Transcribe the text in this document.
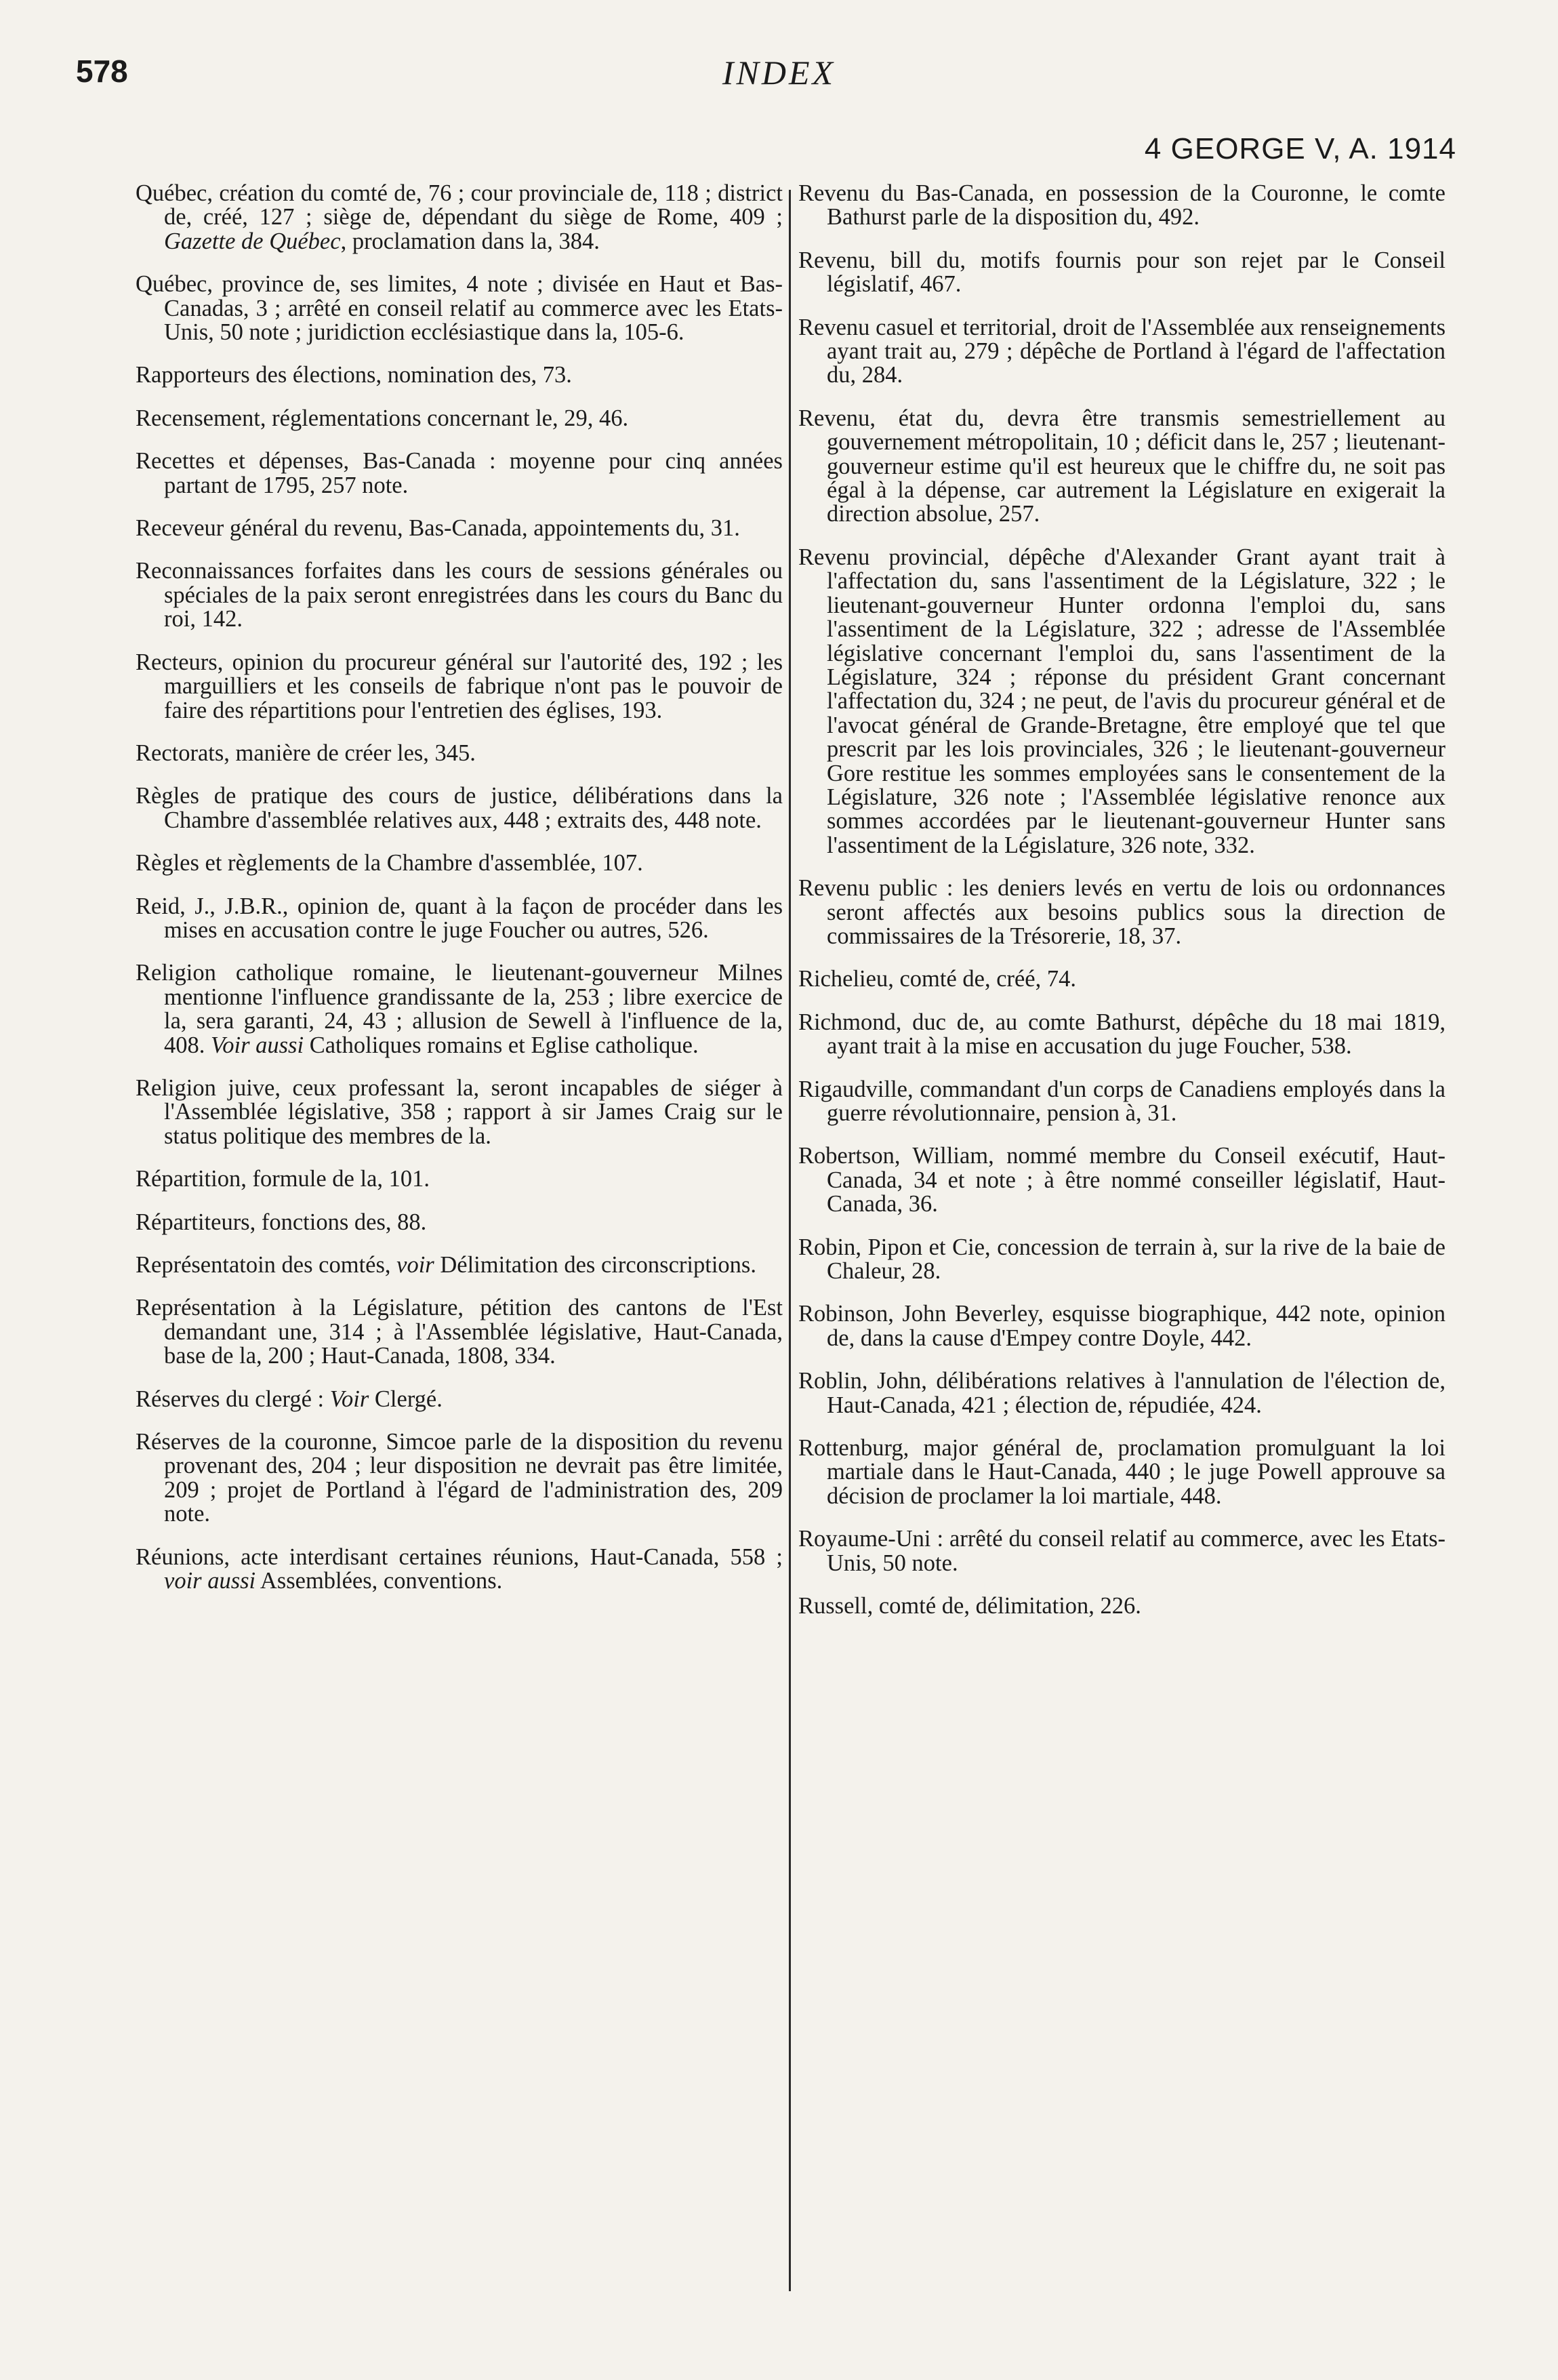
578	INDEX
4 GEORGE V, A. 1914

Québec, création du comté de, 76 ; cour provinciale de, 118 ; district de, créé, 127 ; siège de, dépendant du siège de Rome, 409 ; Gazette de Québec, proclamation dans la, 384.

Québec, province de, ses limites, 4 note ; divisée en Haut et Bas-Canadas, 3 ; arrêté en conseil relatif au commerce avec les Etats-Unis, 50 note ; juridiction ecclésiastique dans la, 105-6.

Rapporteurs des élections, nomination des, 73.

Recensement, réglementations concernant le, 29, 46.

Recettes et dépenses, Bas-Canada : moyenne pour cinq années partant de 1795, 257 note.

Receveur général du revenu, Bas-Canada, appointements du, 31.

Reconnaissances forfaites dans les cours de sessions générales ou spéciales de la paix seront enregistrées dans les cours du Banc du roi, 142.

Recteurs, opinion du procureur général sur l'autorité des, 192 ; les marguilliers et les conseils de fabrique n'ont pas le pouvoir de faire des répartitions pour l'entretien des églises, 193.

Rectorats, manière de créer les, 345.

Règles de pratique des cours de justice, délibérations dans la Chambre d'assemblée relatives aux, 448 ; extraits des, 448 note.

Règles et règlements de la Chambre d'assemblée, 107.

Reid, J., J.B.R., opinion de, quant à la façon de procéder dans les mises en accusation contre le juge Foucher ou autres, 526.

Religion catholique romaine, le lieutenant-gouverneur Milnes mentionne l'influence grandissante de la, 253 ; libre exercice de la, sera garanti, 24, 43 ; allusion de Sewell à l'influence de la, 408. Voir aussi Catholiques romains et Eglise catholique.

Religion juive, ceux professant la, seront incapables de siéger à l'Assemblée législative, 358 ; rapport à sir James Craig sur le status politique des membres de la.

Répartition, formule de la, 101.

Répartiteurs, fonctions des, 88.

Représentatoin des comtés, voir Délimitation des circonscriptions.

Représentation à la Législature, pétition des cantons de l'Est demandant une, 314 ; à l'Assemblée législative, Haut-Canada, base de la, 200 ; Haut-Canada, 1808, 334.

Réserves du clergé : Voir Clergé.

Réserves de la couronne, Simcoe parle de la disposition du revenu provenant des, 204 ; leur disposition ne devrait pas être limitée, 209 ; projet de Portland à l'égard de l'administration des, 209 note.

Réunions, acte interdisant certaines réunions, Haut-Canada, 558 ; voir aussi Assemblées, conventions.

Revenu du Bas-Canada, en possession de la Couronne, le comte Bathurst parle de la disposition du, 492.

Revenu, bill du, motifs fournis pour son rejet par le Conseil législatif, 467.

Revenu casuel et territorial, droit de l'Assemblée aux renseignements ayant trait au, 279 ; dépêche de Portland à l'égard de l'affectation du, 284.

Revenu, état du, devra être transmis semestriellement au gouvernement métropolitain, 10 ; déficit dans le, 257 ; lieutenant-gouverneur estime qu'il est heureux que le chiffre du, ne soit pas égal à la dépense, car autrement la Législature en exigerait la direction absolue, 257.

Revenu provincial, dépêche d'Alexander Grant ayant trait à l'affectation du, sans l'assentiment de la Législature, 322 ; le lieutenant-gouverneur Hunter ordonna l'emploi du, sans l'assentiment de la Législature, 322 ; adresse de l'Assemblée législative concernant l'emploi du, sans l'assentiment de la Législature, 324 ; réponse du président Grant concernant l'affectation du, 324 ; ne peut, de l'avis du procureur général et de l'avocat général de Grande-Bretagne, être employé que tel que prescrit par les lois provinciales, 326 ; le lieutenant-gouverneur Gore restitue les sommes employées sans le consentement de la Législature, 326 note ; l'Assemblée législative renonce aux sommes accordées par le lieutenant-gouverneur Hunter sans l'assentiment de la Législature, 326 note, 332.

Revenu public : les deniers levés en vertu de lois ou ordonnances seront affectés aux besoins publics sous la direction de commissaires de la Trésorerie, 18, 37.

Richelieu, comté de, créé, 74.

Richmond, duc de, au comte Bathurst, dépêche du 18 mai 1819, ayant trait à la mise en accusation du juge Foucher, 538.

Rigaudville, commandant d'un corps de Canadiens employés dans la guerre révolutionnaire, pension à, 31.

Robertson, William, nommé membre du Conseil exécutif, Haut-Canada, 34 et note ; à être nommé conseiller législatif, Haut-Canada, 36.

Robin, Pipon et Cie, concession de terrain à, sur la rive de la baie de Chaleur, 28.

Robinson, John Beverley, esquisse biographique, 442 note, opinion de, dans la cause d'Empey contre Doyle, 442.

Roblin, John, délibérations relatives à l'annulation de l'élection de, Haut-Canada, 421 ; élection de, répudiée, 424.

Rottenburg, major général de, proclamation promulguant la loi martiale dans le Haut-Canada, 440 ; le juge Powell approuve sa décision de proclamer la loi martiale, 448.

Royaume-Uni : arrêté du conseil relatif au commerce, avec les Etats-Unis, 50 note.

Russell, comté de, délimitation, 226.
